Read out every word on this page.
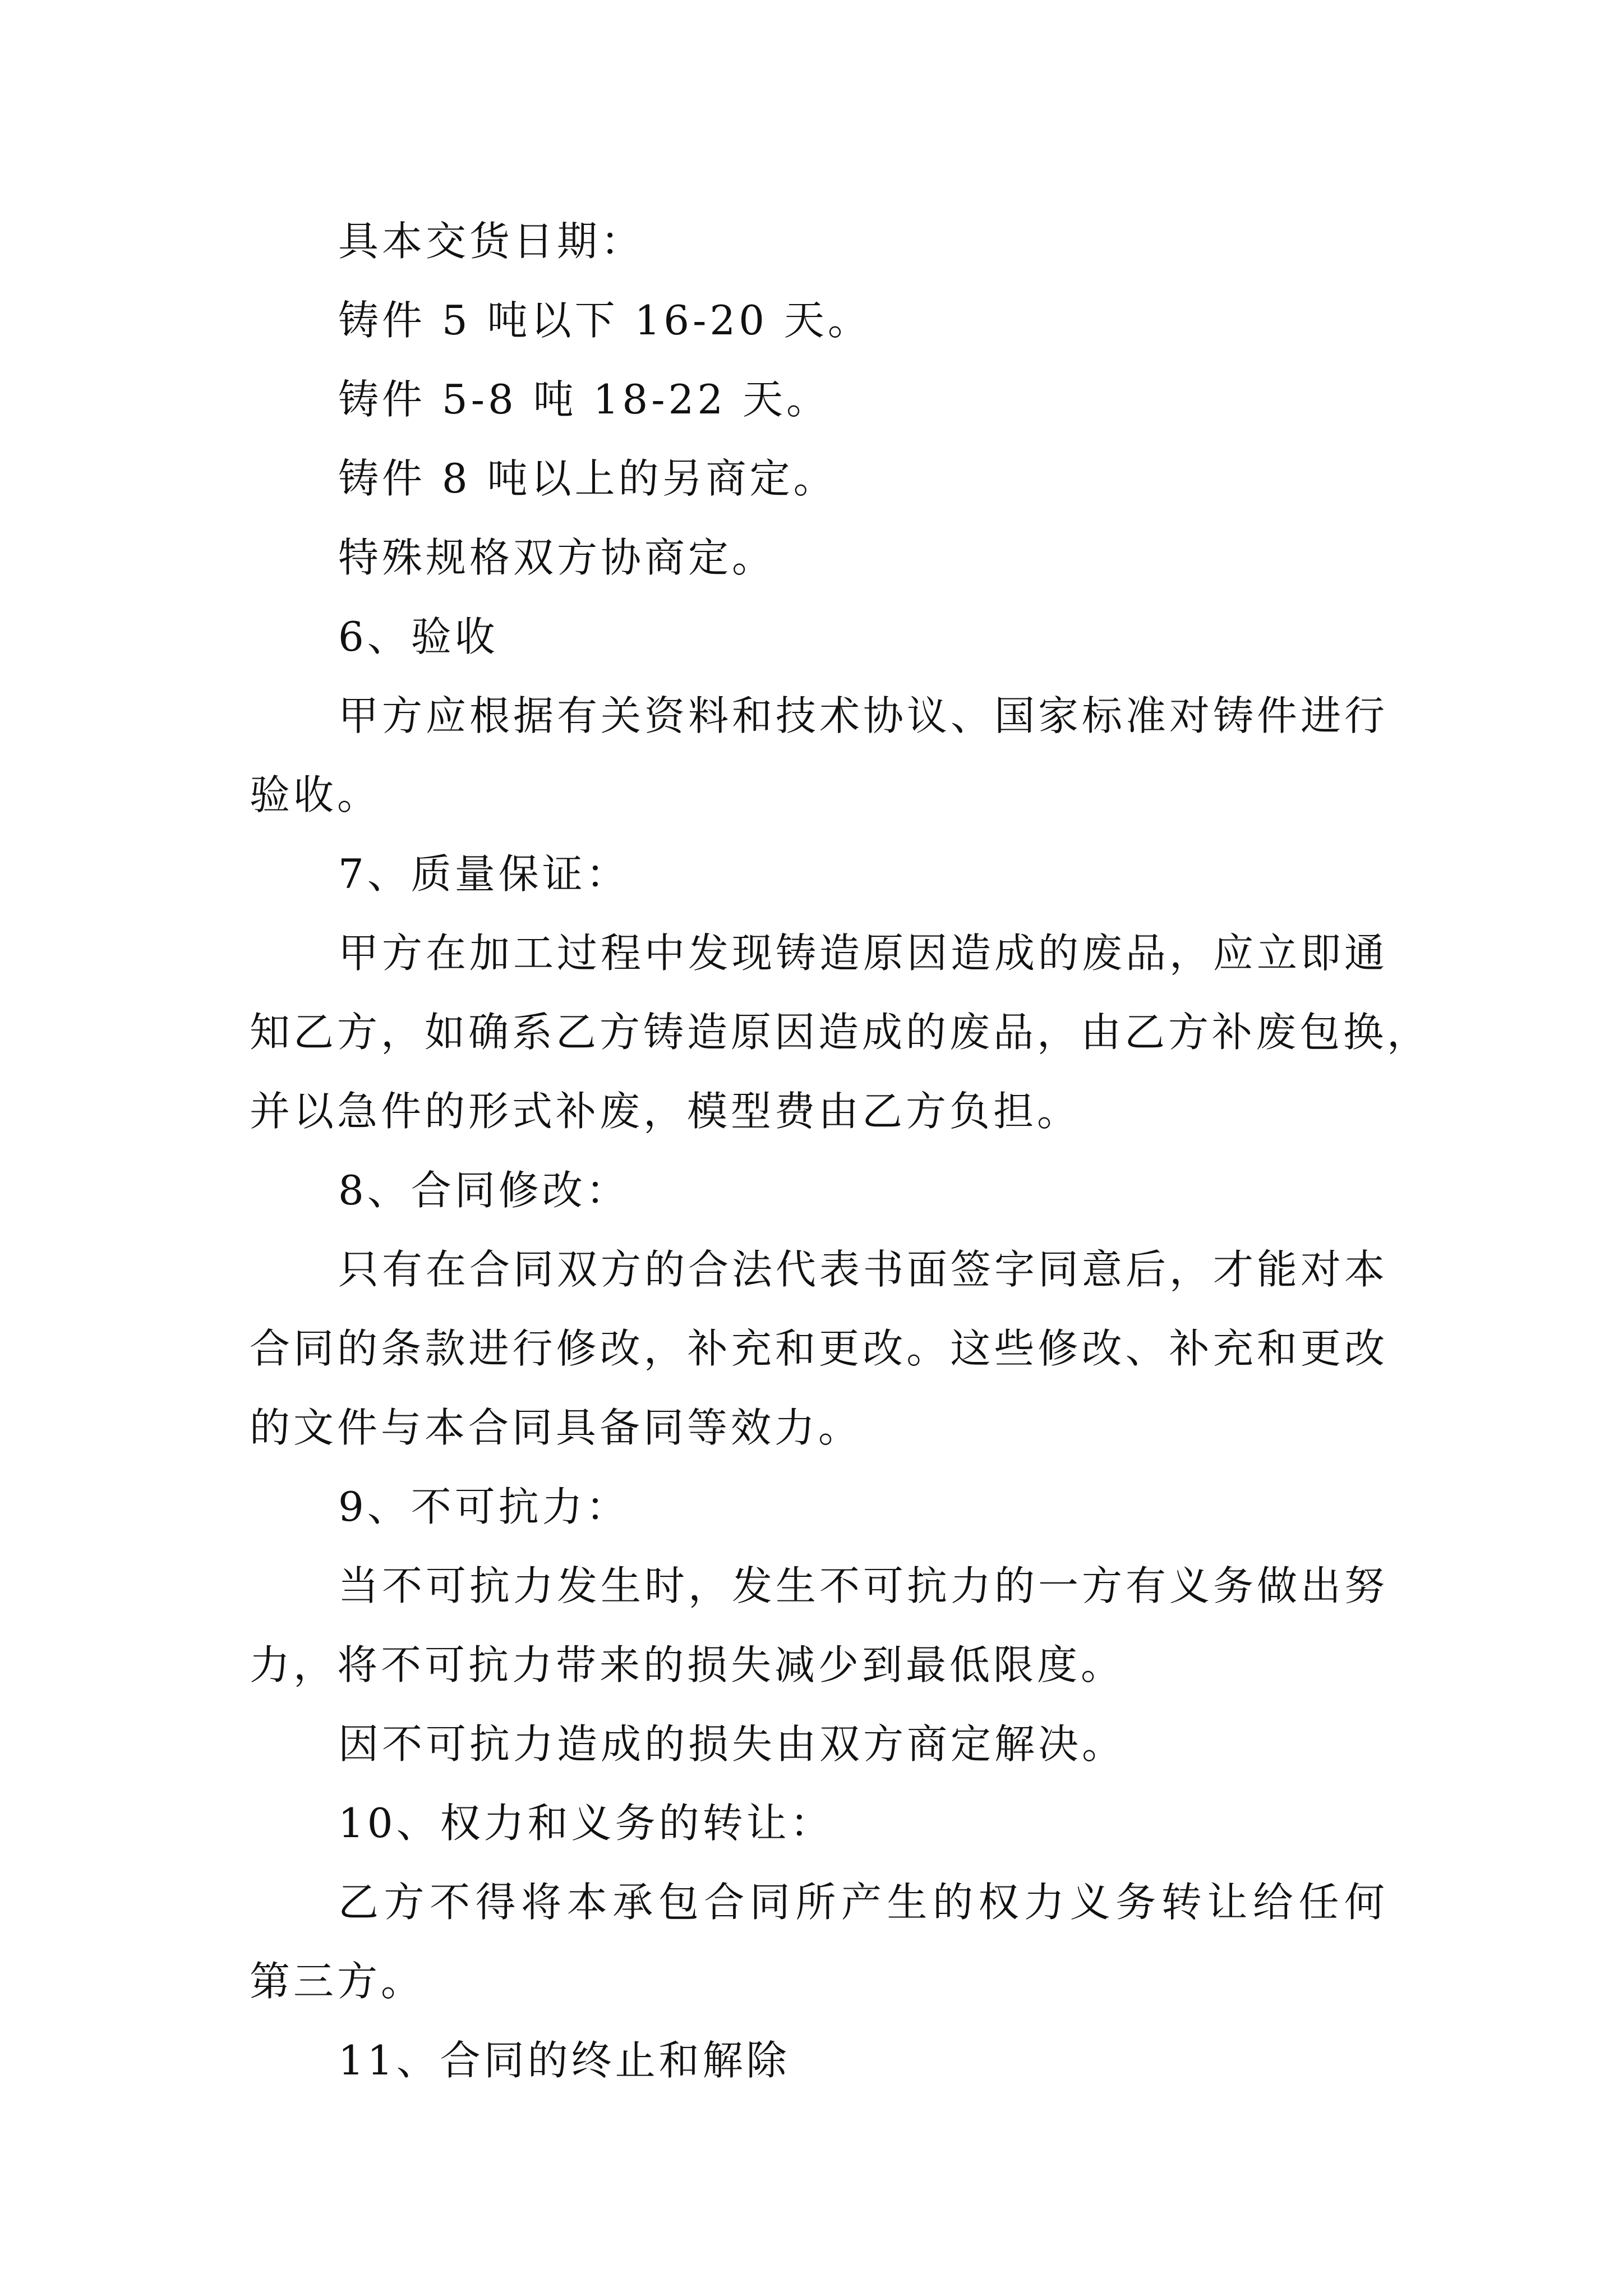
具本交货日期：
铸件 5 吨以下 16-20 天。
铸件 5-8 吨 18-22 天。
铸件 8 吨以上的另商定。
特殊规格双方协商定。
6、验收
甲方应根据有关资料和技术协议、国家标准对铸件进行
验收。
7、质量保证：
甲方在加工过程中发现铸造原因造成的废品，应立即通
知乙方，如确系乙方铸造原因造成的废品，由乙方补废包换，
并以急件的形式补废，模型费由乙方负担。
8、合同修改：
只有在合同双方的合法代表书面签字同意后，才能对本
合同的条款进行修改，补充和更改。这些修改、补充和更改
的文件与本合同具备同等效力。
9、不可抗力：
当不可抗力发生时，发生不可抗力的一方有义务做出努
力，将不可抗力带来的损失减少到最低限度。
因不可抗力造成的损失由双方商定解决。
10、权力和义务的转让：
乙方不得将本承包合同所产生的权力义务转让给任何
第三方。
11、合同的终止和解除
